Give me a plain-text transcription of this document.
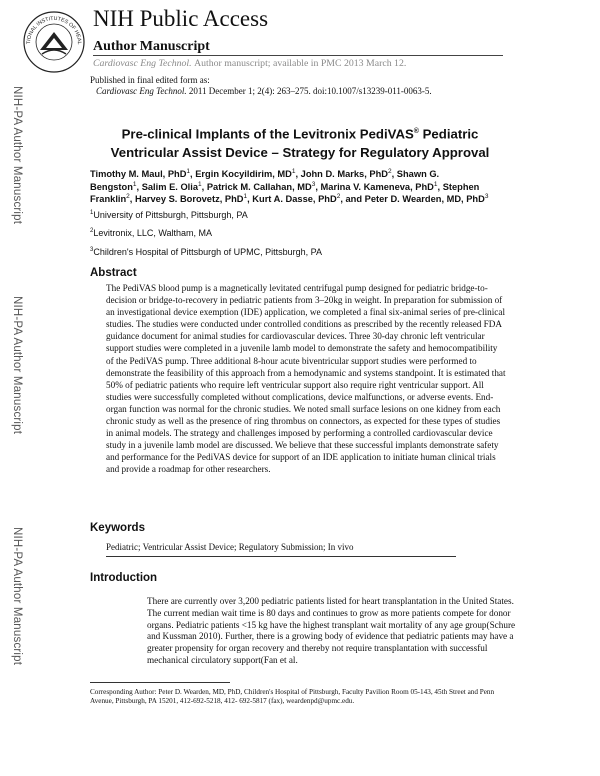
TIONAL INSTITUTES OF HEAL
NIH Public Access
Author Manuscript
Cardiovasc Eng Technol. Author manuscript; available in PMC 2013 March 12.
NIH-PA Author Manuscript
NIH-PA Author Manuscript
NIH-PA Author Manuscript
Published in final edited form as:
Cardiovasc Eng Technol. 2011 December 1; 2(4): 263–275. doi:10.1007/s13239-011-0063-5.
Pre-clinical Implants of the Levitronix PediVAS® Pediatric
Ventricular Assist Device – Strategy for Regulatory Approval
Timothy M. Maul, PhD$^1$, Ergin Kocyildirim, $MD^1$, John D. Marks, PhD$^2$, Shawn G.
Bengston$^1$, Salim E. Olia$^1$, Patrick M. Callahan, $MD^3$, Marina V. Kameneva, PhD$^1$, Stephen
Franklin$^2$, Harvey S. Borovetz, PhD$^1$, Kurt A. Dasse, PhD$^2$, and Peter D. Wearden, MD, PhD$^3$
$^1$University of Pittsburgh, Pittsburgh, PA
$^2$Levitronix, LLC, Waltham, MA
$^3$Children's Hospital of Pittsburgh of UPMC, Pittsburgh, PA
Abstract
The PediVAS blood pump is a magnetically levitated centrifugal pump designed for pediatric bridge-to-decision or bridge-to-recovery in pediatric patients from 3–20kg in weight. In preparation for submission of an investigational device exemption (IDE) application, we completed a final six-animal series of pre-clinical studies. The studies were conducted under controlled conditions as prescribed by the recently released FDA guidance document for animal studies for cardiovascular devices. Three 30-day chronic left ventricular support studies were completed in a juvenile lamb model to demonstrate the safety and hemocompatibility of the PediVAS pump. Three additional 8-hour acute biventricular support studies were performed to demonstrate the feasibility of this approach from a hemodynamic and systems standpoint. It is estimated that 50% of pediatric patients who require left ventricular support also require right ventricular support. All studies were successfully completed without complications, device malfunctions, or adverse events. End-organ function was normal for the chronic studies. We noted small surface lesions on one kidney from each chronic study as well as the presence of ring thrombus on connectors, as expected for these types of studies in animal models. The strategy and challenges imposed by performing a controlled cardiovascular device study in a juvenile lamb model are discussed. We believe that these successful implants demonstrate safety and performance for the PediVAS device for support of an IDE application to initiate human clinical trials and provide a roadmap for other researchers.
Keywords
Pediatric; Ventricular Assist Device; Regulatory Submission; In vivo
Introduction
There are currently over 3,200 pediatric patients listed for heart transplantation in the United States. The current median wait time is 80 days and continues to grow as more patients compete for donor organs. Pediatric patients <15 kg have the highest transplant wait mortality of any age group(Schure and Kussman 2010). Further, there is a growing body of evidence that pediatric patients may have a greater propensity for organ recovery and thereby not require transplantation with successful mechanical circulatory support(Fan et al.
Corresponding Author: Peter D. Wearden, MD, PhD, Children's Hospital of Pittsburgh, Faculty Pavilion Room 05-143, 45th Street and Penn Avenue, Pittsburgh, PA 15201, 412-692-5218, 412- 692-5817 (fax), weardenpd@upmc.edu.
